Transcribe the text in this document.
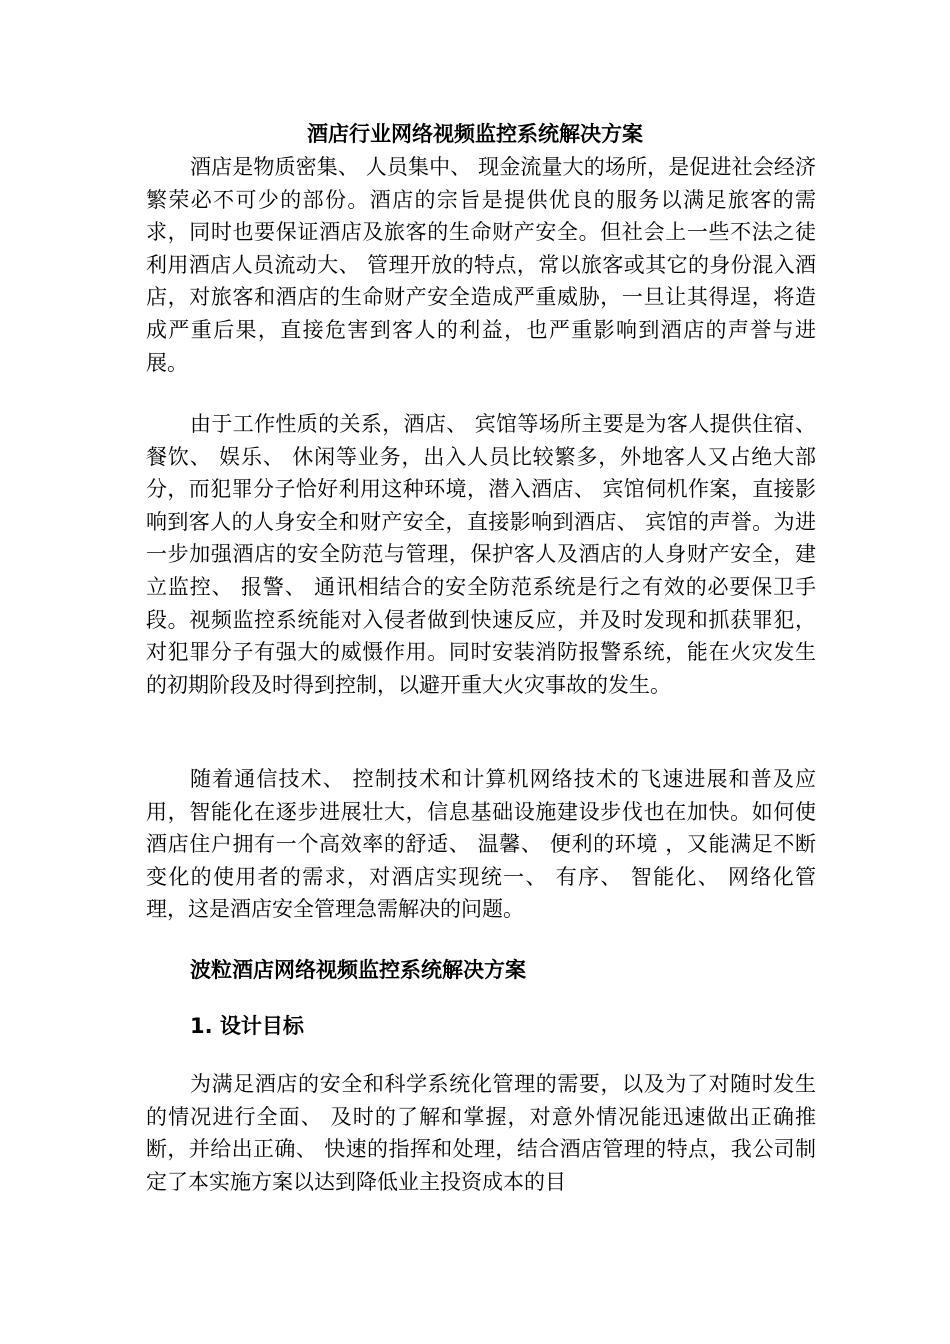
酒店行业网络视频监控系统解决方案

酒店是物质密集、 人员集中、 现金流量大的场所，是促进社会经济繁荣必不可少的部份。酒店的宗旨是提供优良的服务以满足旅客的需求，同时也要保证酒店及旅客的生命财产安全。但社会上一些不法之徒利用酒店人员流动大、 管理开放的特点，常以旅客或其它的身份混入酒店，对旅客和酒店的生命财产安全造成严重威胁，一旦让其得逞，将造成严重后果，直接危害到客人的利益，也严重影响到酒店的声誉与进展。

由于工作性质的关系，酒店、 宾馆等场所主要是为客人提供住宿、 餐饮、 娱乐、 休闲等业务，出入人员比较繁多，外地客人又占绝大部分，而犯罪分子恰好利用这种环境，潜入酒店、 宾馆伺机作案，直接影响到客人的人身安全和财产安全，直接影响到酒店、 宾馆的声誉。为进一步加强酒店的安全防范与管理，保护客人及酒店的人身财产安全，建立监控、 报警、 通讯相结合的安全防范系统是行之有效的必要保卫手段。视频监控系统能对入侵者做到快速反应，并及时发现和抓获罪犯，对犯罪分子有强大的威慑作用。同时安装消防报警系统，能在火灾发生的初期阶段及时得到控制，以避开重大火灾事故的发生。

随着通信技术、 控制技术和计算机网络技术的飞速进展和普及应用，智能化在逐步进展壮大，信息基础设施建设步伐也在加快。如何使酒店住户拥有一个高效率的舒适、 温馨、 便利的环境 ，又能满足不断变化的使用者的需求，对酒店实现统一、 有序、 智能化、 网络化管理，这是酒店安全管理急需解决的问题。

波粒酒店网络视频监控系统解决方案
1. 设计目标

为满足酒店的安全和科学系统化管理的需要，以及为了对随时发生的情况进行全面、 及时的了解和掌握，对意外情况能迅速做出正确推断，并给出正确、 快速的指挥和处理，结合酒店管理的特点，我公司制定了本实施方案以达到降低业主投资成本的目
